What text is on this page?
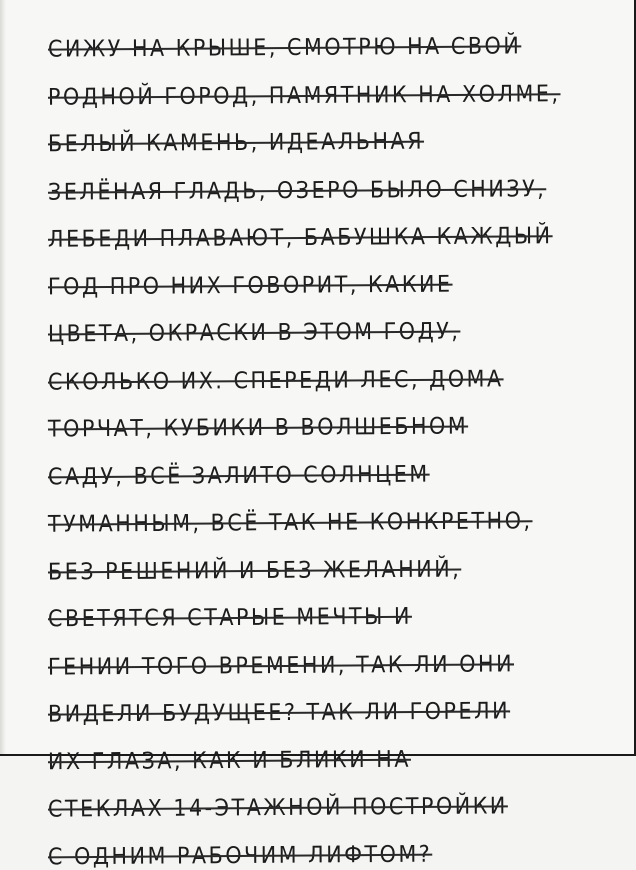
СИЖУ НА КРЫШЕ, СМОТРЮ НА СВОЙ
РОДНОЙ ГОРОД, ПАМЯТНИК НА ХОЛМЕ,
БЕЛЫЙ КАМЕНЬ, ИДЕАЛЬНАЯ
ЗЕЛЁНАЯ ГЛАДЬ, ОЗЕРО БЫЛО СНИЗУ,
ЛЕБЕДИ ПЛАВАЮТ, БАБУШКА КАЖДЫЙ
ГОД ПРО НИХ ГОВОРИТ, КАКИЕ
ЦВЕТА, ОКРАСКИ В ЭТОМ ГОДУ,
СКОЛЬКО ИХ. СПЕРЕДИ ЛЕС, ДОМА
ТОРЧАТ, КУБИКИ В ВОЛШЕБНОМ
САДУ, ВСЁ ЗАЛИТО СОЛНЦЕМ
ТУМАННЫМ, ВСЁ ТАК НЕ КОНКРЕТНО,
БЕЗ РЕШЕНИЙ И БЕЗ ЖЕЛАНИЙ,
СВЕТЯТСЯ СТАРЫЕ МЕЧТЫ И
ГЕНИИ ТОГО ВРЕМЕНИ, ТАК ЛИ ОНИ
ВИДЕЛИ БУДУЩЕЕ? ТАК ЛИ ГОРЕЛИ
ИХ ГЛАЗА, КАК И БЛИКИ НА
СТЕКЛАХ 14-ЭТАЖНОЙ ПОСТРОЙКИ
С ОДНИМ РАБОЧИМ ЛИФТОМ?
